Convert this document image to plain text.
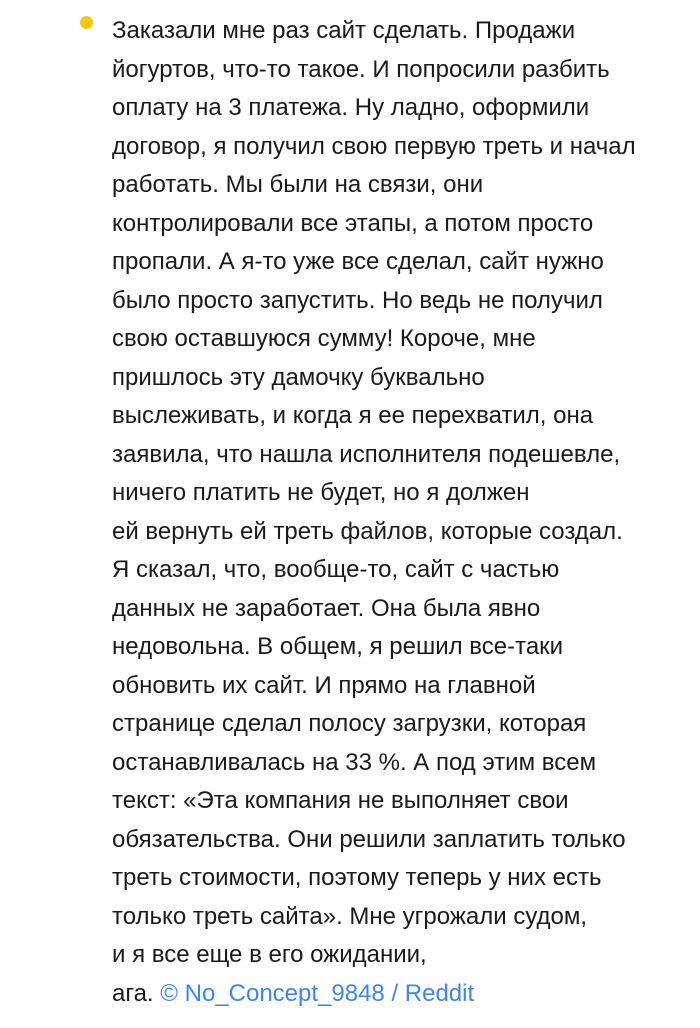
Заказали мне раз сайт сделать. Продажи
йогуртов, что-то такое. И попросили разбить
оплату на 3 платежа. Ну ладно, оформили
договор, я получил свою первую треть и начал
работать. Мы были на связи, они
контролировали все этапы, а потом просто
пропали. А я-то уже все сделал, сайт нужно
было просто запустить. Но ведь не получил
свою оставшуюся сумму! Короче, мне
пришлось эту дамочку буквально
выслеживать, и когда я ее перехватил, она
заявила, что нашла исполнителя подешевле,
ничего платить не будет, но я должен
ей вернуть ей треть файлов, которые создал.
Я сказал, что, вообще-то, сайт с частью
данных не заработает. Она была явно
недовольна. В общем, я решил все-таки
обновить их сайт. И прямо на главной
странице сделал полосу загрузки, которая
останавливалась на 33 %. А под этим всем
текст: «Эта компания не выполняет свои
обязательства. Они решили заплатить только
треть стоимости, поэтому теперь у них есть
только треть сайта». Мне угрожали судом,
и я все еще в его ожидании,
ага. © No_Concept_9848 / Reddit
